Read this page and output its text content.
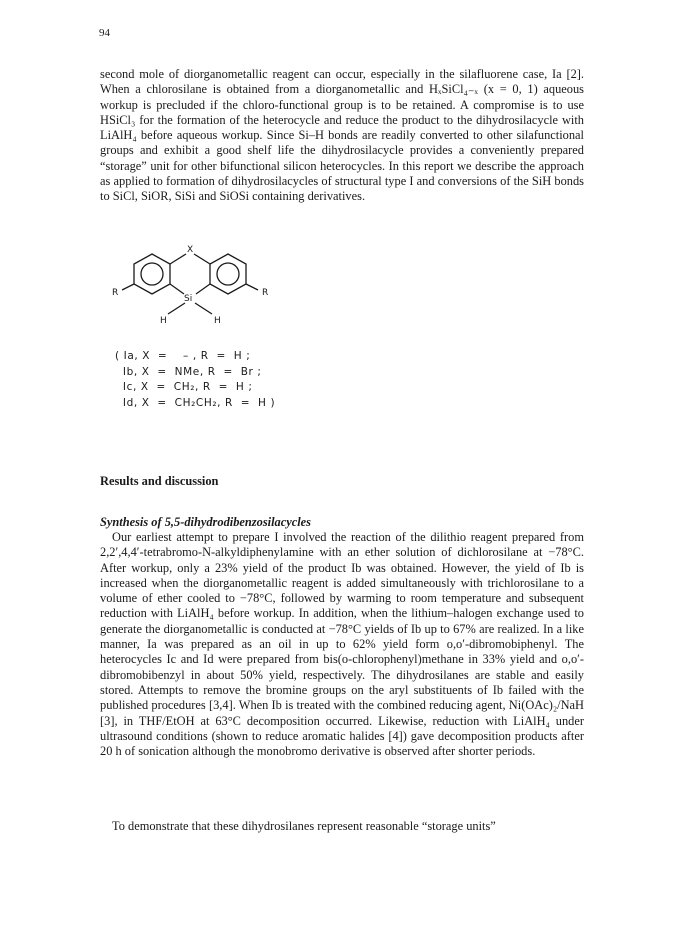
94

second mole of diorganometallic reagent can occur, especially in the silafluorene case, Ia [2]. When a chlorosilane is obtained from a diorganometallic and HₓSiCl₄₋ₓ (x = 0, 1) aqueous workup is precluded if the chloro-functional group is to be retained. A compromise is to use HSiCl₃ for the formation of the heterocycle and reduce the product to the dihydrosilacycle with LiAlH₄ before aqueous workup. Since Si–H bonds are readily converted to other silafunctional groups and exhibit a good shelf life the dihydrosilacycle provides a conveniently prepared “storage” unit for other bifunctional silicon heterocycles. In this report we describe the approach as applied to formation of dihydrosilacycles of structural type I and conversions of the SiH bonds to SiCl, SiOR, SiSi and SiOSi containing derivatives.

X
Si
R	R
H	H
( Ia, X  =    – , R  =  H ;
Ib, X  =  NMe, R  =  Br ;
Ic, X  =  CH₂, R  =  H ;
Id, X  =  CH₂CH₂, R  =  H )
Results and discussion
Synthesis of 5,5-dihydrodibenzosilacycles

Our earliest attempt to prepare I involved the reaction of the dilithio reagent prepared from 2,2′,4,4′-tetrabromo-N-alkyldiphenylamine with an ether solution of dichlorosilane at −78°C. After workup, only a 23% yield of the product Ib was obtained. However, the yield of Ib is increased when the diorganometallic reagent is added simultaneously with trichlorosilane to a volume of ether cooled to −78°C, followed by warming to room temperature and subsequent reduction with LiAlH₄ before workup. In addition, when the lithium–halogen exchange used to generate the diorganometallic is conducted at −78°C yields of Ib up to 67% are realized. In a like manner, Ia was prepared as an oil in up to 62% yield form o,o′-dibromobiphenyl. The heterocycles Ic and Id were prepared from bis(o-chlorophenyl)methane in 33% yield and o,o′-dibromobibenzyl in about 50% yield, respectively. The dihydrosilanes are stable and easily stored. Attempts to remove the bromine groups on the aryl substituents of Ib failed with the published procedures [3,4]. When Ib is treated with the combined reducing agent, Ni(OAc)₂/NaH [3], in THF/EtOH at 63°C decomposition occurred. Likewise, reduction with LiAlH₄ under ultrasound conditions (shown to reduce aromatic halides [4]) gave decomposition products after 20 h of sonication although the monobromo derivative is observed after shorter periods.

To demonstrate that these dihydrosilanes represent reasonable “storage units”
